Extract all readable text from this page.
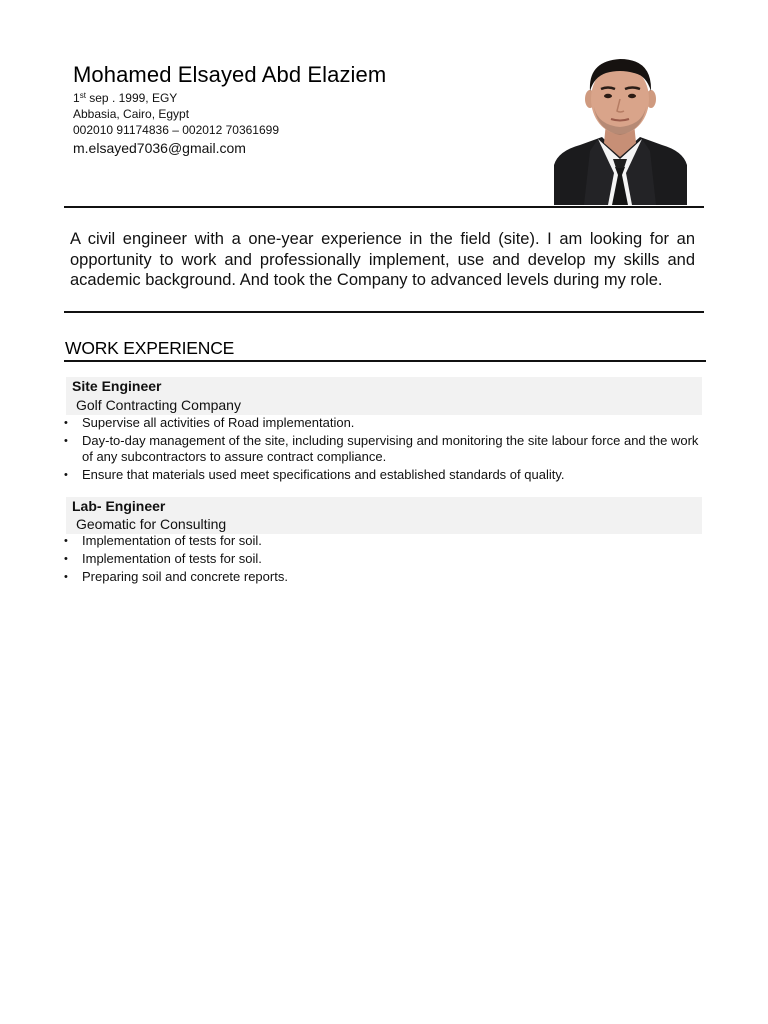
Mohamed Elsayed Abd Elaziem
1st sep . 1999, EGY
Abbasia, Cairo, Egypt
002010 91174836 – 002012 70361699
m.elsayed7036@gmail.com
A civil engineer with a one-year experience in the field (site). I am looking for an opportunity to work and professionally implement, use and develop my skills and academic background. And took the Company to advanced levels during my role.
WORK EXPERIENCE
Site Engineer
Golf Contracting Company
• Supervise all activities of Road implementation.
• Day-to-day management of the site, including supervising and monitoring the site labour force and the work of any subcontractors to assure contract compliance.
• Ensure that materials used meet specifications and established standards of quality.
Lab- Engineer
Geomatic for Consulting
• Implementation of tests for soil.
• Implementation of tests for soil.
• Preparing soil and concrete reports.
